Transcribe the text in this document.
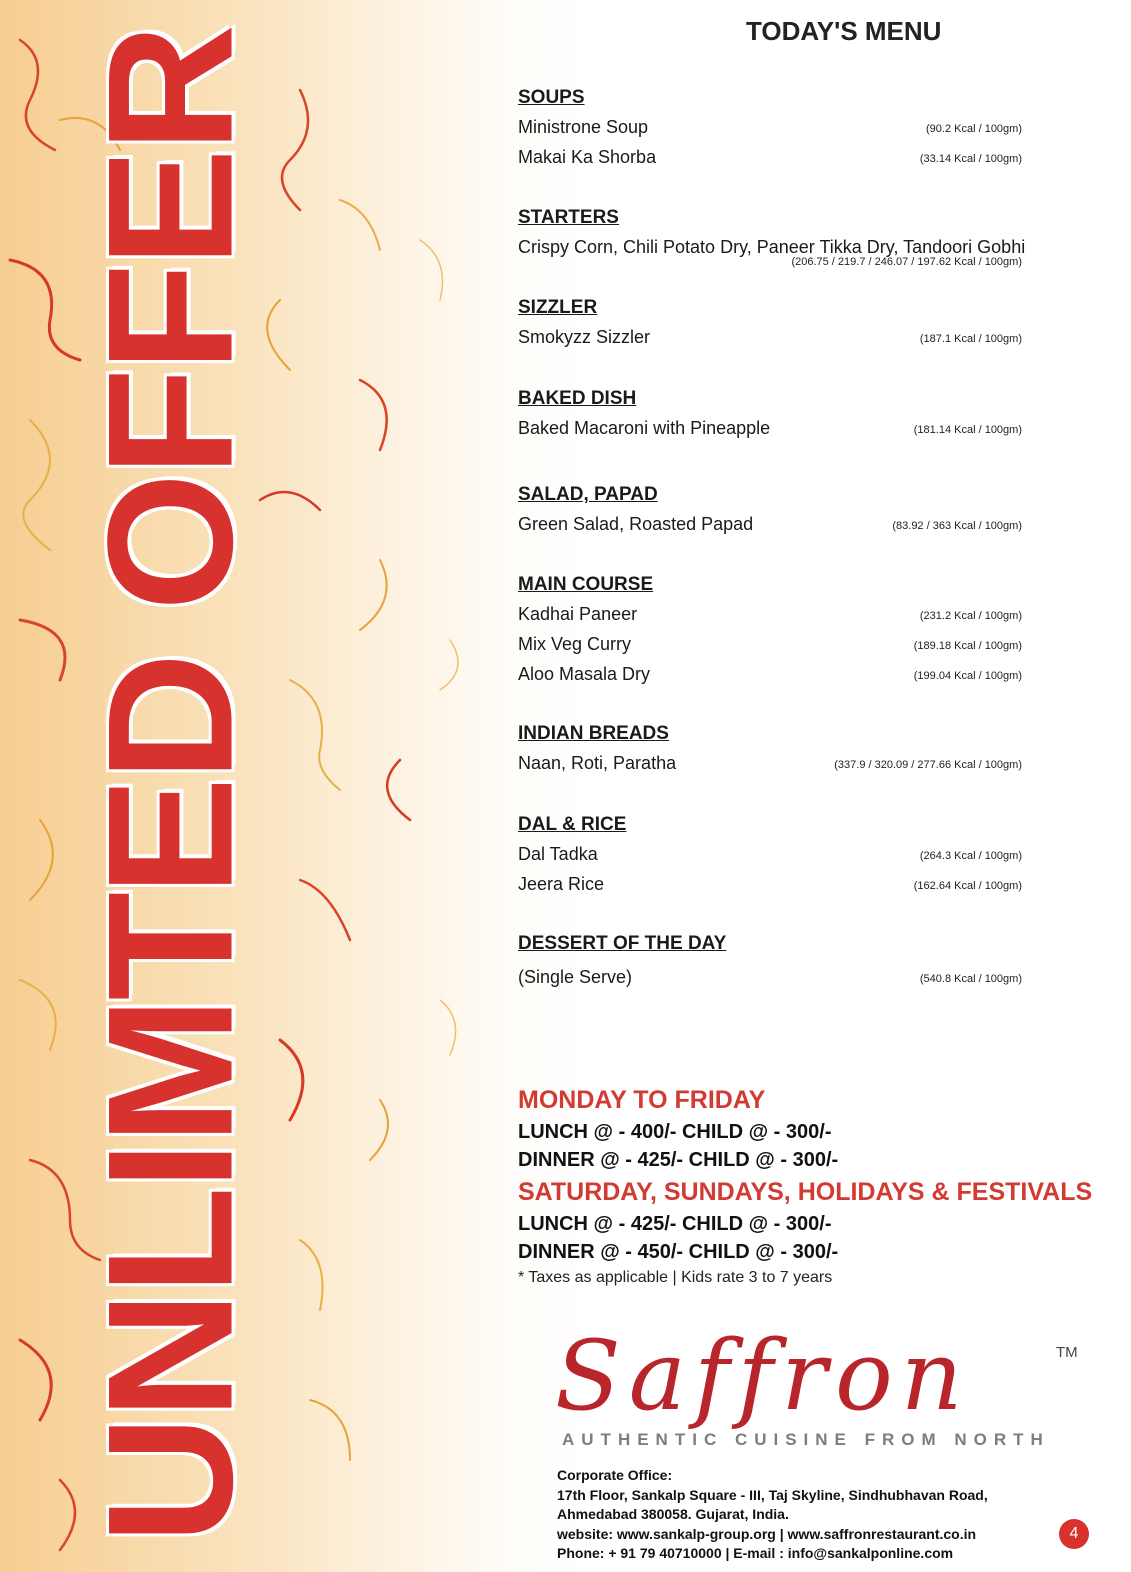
UNLIMTED OFFER	TODAY'S MENU
SOUPS
Ministrone Soup	(90.2 Kcal / 100gm)
Makai Ka Shorba	(33.14 Kcal / 100gm)
STARTERS
Crispy Corn, Chili Potato Dry, Paneer Tikka Dry, Tandoori Gobhi
(206.75 / 219.7 / 246.07 / 197.62 Kcal / 100gm)
SIZZLER
Smokyzz Sizzler	(187.1 Kcal / 100gm)
BAKED DISH
Baked Macaroni with Pineapple	(181.14 Kcal / 100gm)
SALAD, PAPAD
Green Salad, Roasted Papad	(83.92 / 363 Kcal / 100gm)
MAIN COURSE
Kadhai Paneer	(231.2 Kcal / 100gm)
Mix Veg Curry	(189.18 Kcal / 100gm)
Aloo Masala Dry	(199.04 Kcal / 100gm)
INDIAN BREADS
Naan, Roti, Paratha	(337.9 / 320.09 / 277.66 Kcal / 100gm)
DAL & RICE
Dal Tadka	(264.3 Kcal / 100gm)
Jeera Rice	(162.64 Kcal / 100gm)
DESSERT OF THE DAY
(Single Serve)	(540.8 Kcal / 100gm)
MONDAY TO FRIDAY
LUNCH @ - 400/- CHILD @ - 300/-
DINNER @ - 425/- CHILD @ - 300/-
SATURDAY, SUNDAYS, HOLIDAYS & FESTIVALS
LUNCH @ - 425/- CHILD @ - 300/-
DINNER @ - 450/- CHILD @ - 300/-
* Taxes as applicable | Kids rate 3 to 7 years
Saffron	TM
AUTHENTIC CUISINE FROM NORTH
Corporate Office:
17th Floor, Sankalp Square - III, Taj Skyline, Sindhubhavan Road,
Ahmedabad 380058. Gujarat, India.
website: www.sankalp-group.org | www.saffronrestaurant.co.in
Phone: + 91 79 40710000 | E-mail : info@sankalponline.com
4
